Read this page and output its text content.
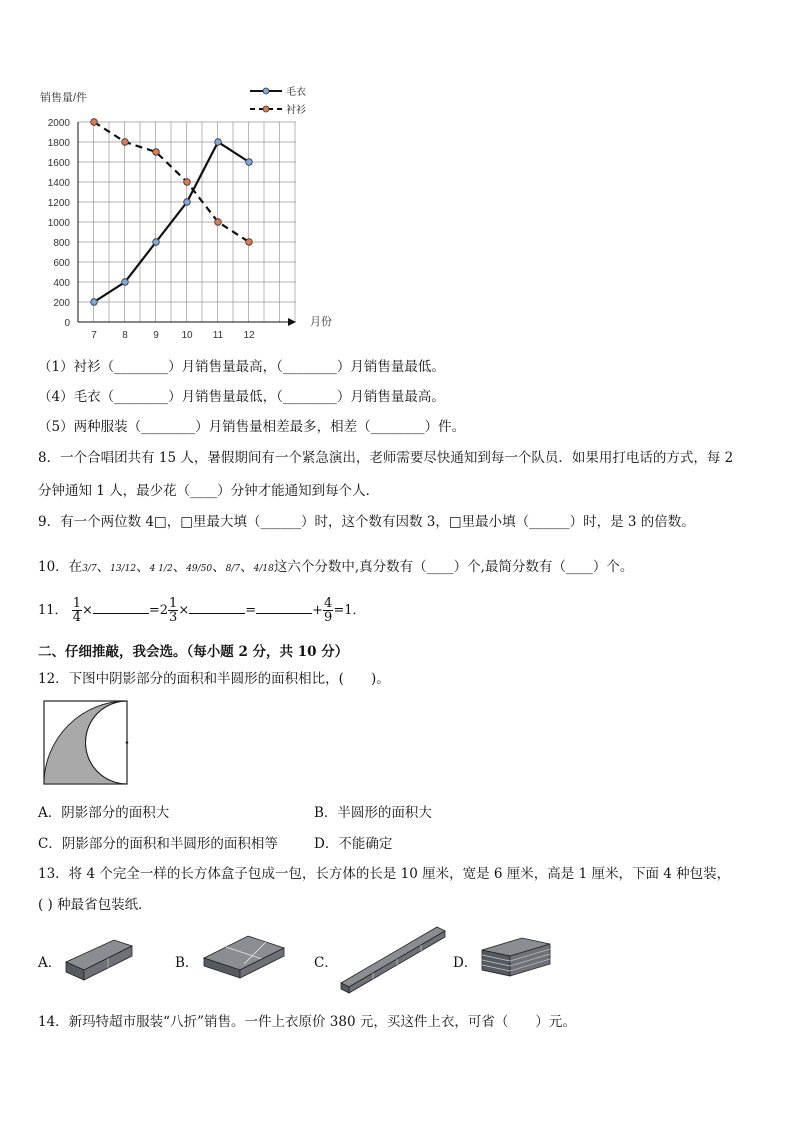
0
200
400
600
800
1000
1200
1400
1600
1800
2000
7	8	9 10 11 12
毛衣
衬衫
销售量/件
月份
（1）衬衫（________）月销售量最高，（________）月销售量最低。
（4）毛衣（________）月销售量最低，（________）月销售量最高。
（5）两种服装（________）月销售量相差最多，相差（________）件。
8．一个合唱团共有 15 人，暑假期间有一个紧急演出，老师需要尽快通知到每一个队员．如果用打电话的方式，每 2
分钟通知 1 人，最少花（____）分钟才能通知到每个人．
9．有一个两位数 4□，□里最大填（______）时，这个数有因数 3，□里最小填（______）时，是 3 的倍数。
10．在3/7、13/12、4 1/2、49/50、8/7、4/18这六个分数中,真分数有（____）个,最简分数有（____）个。
11． $\frac{1}{4}$ ×	$=2 \frac{1}{3}$ ×	=	+ $\frac{4}{9} =1$．
二、仔细推敲，我会选。（每小题 2 分，共 10 分）
12．下图中阴影部分的面积和半圆形的面积相比，(　　)。
A．阴影部分的面积大	B．半圆形的面积大
C．阴影部分的面积和半圆形的面积相等	D．不能确定
13．将 4 个完全一样的长方体盒子包成一包，长方体的长是 10 厘米，宽是 6 厘米，高是 1 厘米，下面 4 种包装，
( ) 种最省包装纸．
A．	B．	C．	D．
14．新玛特超市服装“八折”销售。一件上衣原价 380 元，买这件上衣，可省（　　）元。
